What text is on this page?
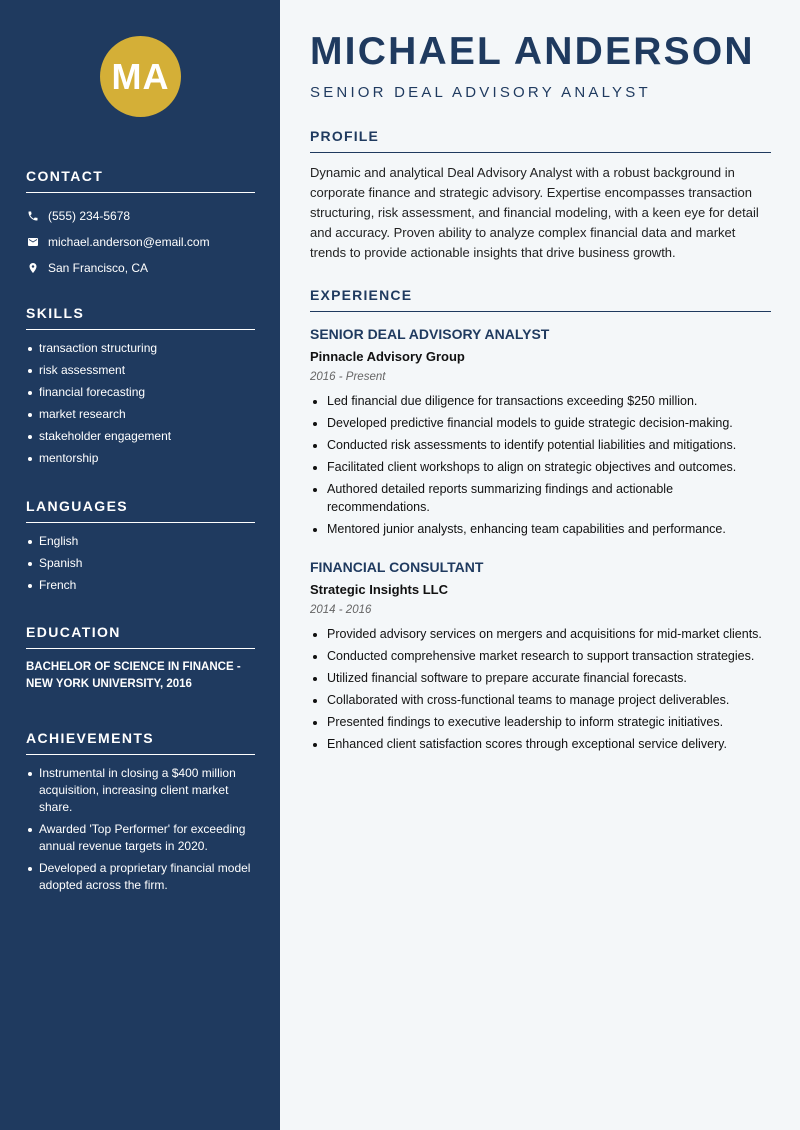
MA
CONTACT
(555) 234-5678
michael.anderson@email.com
San Francisco, CA
SKILLS
transaction structuring
risk assessment
financial forecasting
market research
stakeholder engagement
mentorship
LANGUAGES
English
Spanish
French
EDUCATION
BACHELOR OF SCIENCE IN FINANCE - NEW YORK UNIVERSITY, 2016
ACHIEVEMENTS
Instrumental in closing a $400 million acquisition, increasing client market share.
Awarded 'Top Performer' for exceeding annual revenue targets in 2020.
Developed a proprietary financial model adopted across the firm.
MICHAEL ANDERSON
SENIOR DEAL ADVISORY ANALYST
PROFILE
Dynamic and analytical Deal Advisory Analyst with a robust background in corporate finance and strategic advisory. Expertise encompasses transaction structuring, risk assessment, and financial modeling, with a keen eye for detail and accuracy. Proven ability to analyze complex financial data and market trends to provide actionable insights that drive business growth.
EXPERIENCE
SENIOR DEAL ADVISORY ANALYST
Pinnacle Advisory Group
2016 - Present
Led financial due diligence for transactions exceeding $250 million.
Developed predictive financial models to guide strategic decision-making.
Conducted risk assessments to identify potential liabilities and mitigations.
Facilitated client workshops to align on strategic objectives and outcomes.
Authored detailed reports summarizing findings and actionable recommendations.
Mentored junior analysts, enhancing team capabilities and performance.
FINANCIAL CONSULTANT
Strategic Insights LLC
2014 - 2016
Provided advisory services on mergers and acquisitions for mid-market clients.
Conducted comprehensive market research to support transaction strategies.
Utilized financial software to prepare accurate financial forecasts.
Collaborated with cross-functional teams to manage project deliverables.
Presented findings to executive leadership to inform strategic initiatives.
Enhanced client satisfaction scores through exceptional service delivery.
